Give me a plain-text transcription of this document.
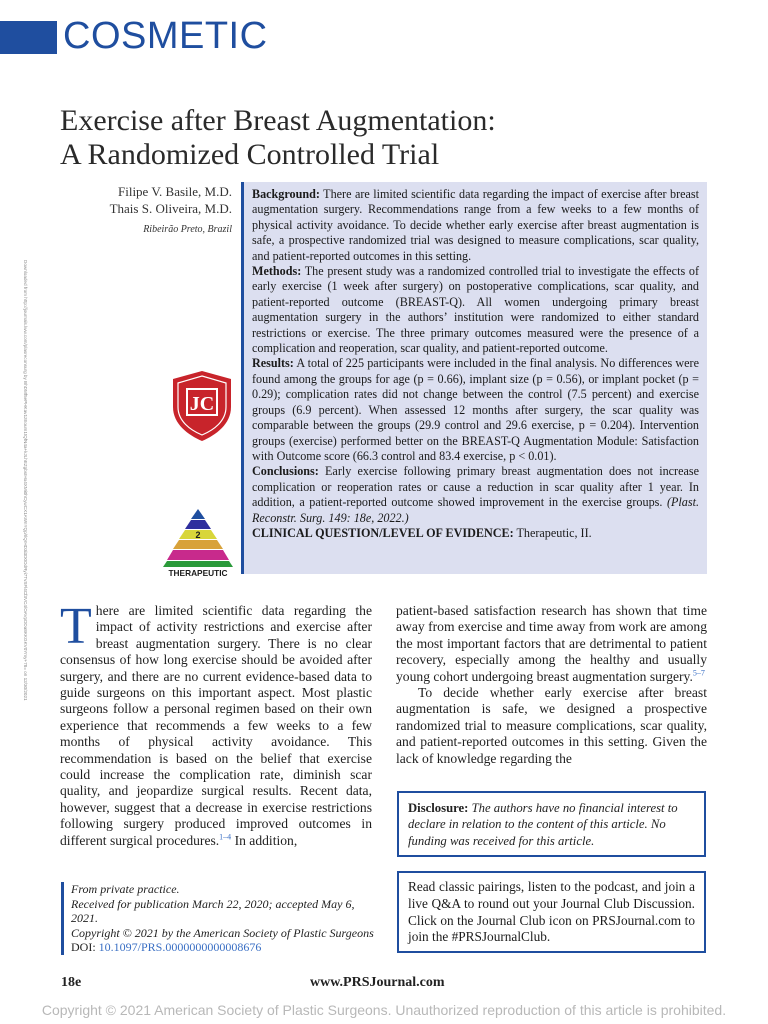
COSMETIC
Exercise after Breast Augmentation:
A Randomized Controlled Trial
Filipe V. Basile, M.D.
Thais S. Oliveira, M.D.
Ribeirão Preto, Brazil
Downloaded from http://journals.lww.com/plasreconsurg by BhDMf5ePHKav1zEoum1tQfN4a+kJLhEZgbsIHo4XMi0hCywCX1AWnYQp/IlQrHD3i3D0OdRyi7TvSFl4Cf3VC4/OAVpDDa8KKGKV0Ymy+78= on 12/30/2021

Background: There are limited scientific data regarding the impact of exercise after breast augmentation surgery. Recommendations range from a few weeks to a few months of physical activity avoidance. To decide whether early exercise after breast augmentation is safe, a prospective randomized trial was designed to measure complications, scar quality, and patient-reported outcomes in this setting.

Methods: The present study was a randomized controlled trial to investigate the effects of early exercise (1 week after surgery) on postoperative complications, scar quality, and patient-reported outcome (BREAST-Q). All women undergoing primary breast augmentation surgery in the authors’ institution were randomized to either standard restrictions or exercise. The three primary outcomes measured were the presence of a complication and reoperation, scar quality, and patient-reported outcome.

Results: A total of 225 participants were included in the final analysis. No differences were found among the groups for age (p = 0.66), implant size (p = 0.56), or implant pocket (p = 0.29); complication rates did not change between the control (7.5 percent) and exercise groups (6.9 percent). When assessed 12 months after surgery, the scar quality was comparable between the groups (29.9 control and 29.6 exercise, p = 0.204). Intervention groups (exercise) performed better on the BREAST-Q Augmentation Module: Satisfaction with Outcome score (66.3 control and 83.4 exercise, p < 0.01).

Conclusions: Early exercise following primary breast augmentation does not increase complication or reoperation rates or cause a reduction in scar quality after 1 year. In addition, a patient-reported outcome showed improvement in the exercise groups. (Plast. Reconstr. Surg. 149: 18e, 2022.)

CLINICAL QUESTION/LEVEL OF EVIDENCE: Therapeutic, II.

JC
2
THERAPEUTIC

There are limited scientific data regarding the impact of activity restrictions and exercise after breast augmentation surgery. There is no clear consensus of how long exercise should be avoided after surgery, and there are no current evidence-based data to guide surgeons on this important aspect. Most plastic surgeons follow a personal regimen based on their own experience that recommends a few weeks to a few months of physical activity avoidance. This recommendation is based on the belief that exercise could increase the complication rate, diminish scar quality, and jeopardize surgical results. Recent data, however, suggest that a decrease in exercise restrictions following surgery produced improved outcomes in different surgical procedures.$^{1-4}$ In addition,

From private practice.
Received for publication March 22, 2020; accepted May 6, 2021.
Copyright © 2021 by the American Society of Plastic Surgeons
DOI: 10.1097/PRS.0000000000008676

patient-based satisfaction research has shown that time away from exercise and time away from work are among the most important factors that are detrimental to patient recovery, especially among the healthy and usually young cohort undergoing breast augmentation surgery.$^{5-7}$

To decide whether early exercise after breast augmentation is safe, we designed a prospective randomized trial to measure complications, scar quality, and patient-reported outcomes in this setting. Given the lack of knowledge regarding the

Disclosure: The authors have no financial interest to declare in relation to the content of this article. No funding was received for this article.
Read classic pairings, listen to the podcast, and join a live Q&A to round out your Journal Club Discussion. Click on the Journal Club icon on PRSJournal.com to join the #PRSJournalClub.
18e	www.PRSJournal.com
Copyright © 2021 American Society of Plastic Surgeons. Unauthorized reproduction of this article is prohibited.
